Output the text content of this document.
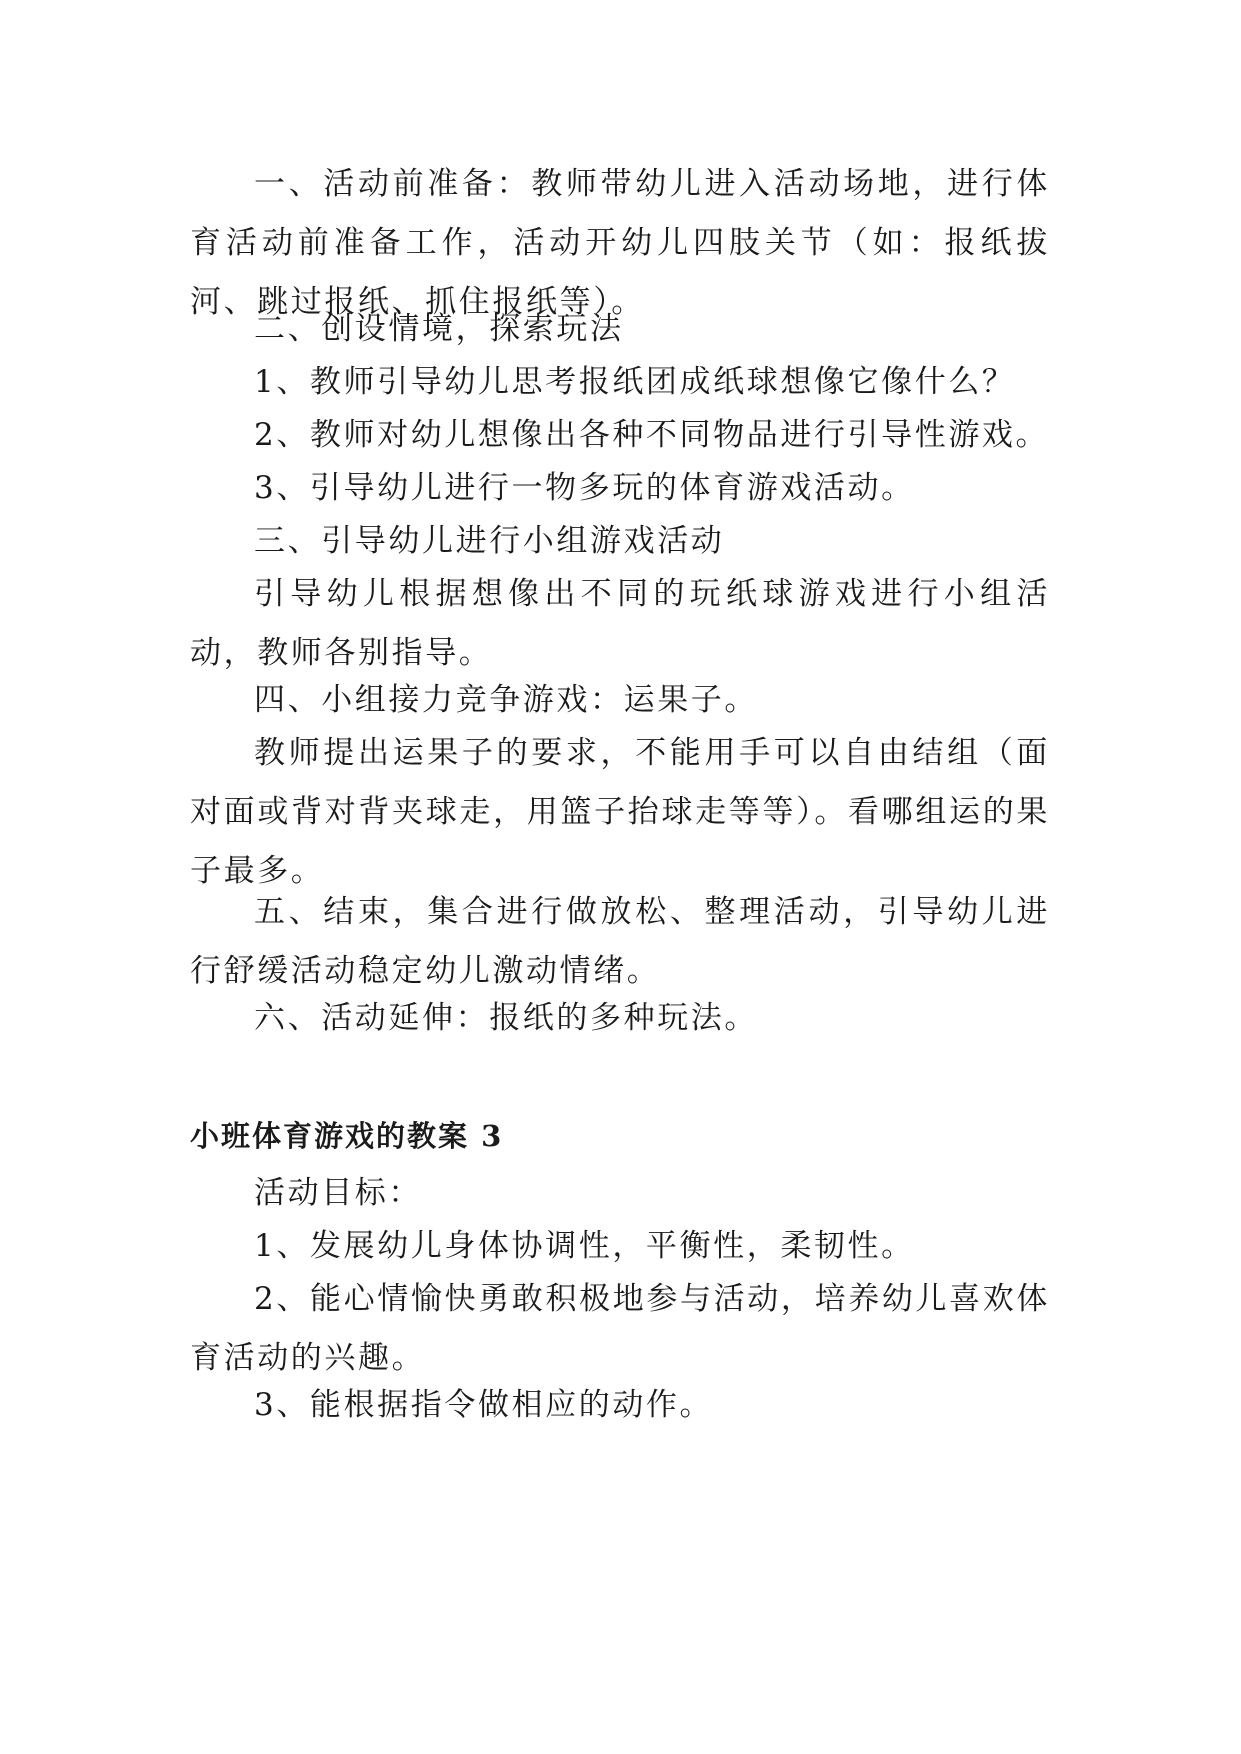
一、活动前准备：教师带幼儿进入活动场地，进行体育活动前准备工作，活动开幼儿四肢关节（如：报纸拔河、跳过报纸、抓住报纸等）。

二、创设情境，探索玩法

1、教师引导幼儿思考报纸团成纸球想像它像什么？

2、教师对幼儿想像出各种不同物品进行引导性游戏。

3、引导幼儿进行一物多玩的体育游戏活动。

三、引导幼儿进行小组游戏活动

引导幼儿根据想像出不同的玩纸球游戏进行小组活动，教师各别指导。

四、小组接力竞争游戏：运果子。

教师提出运果子的要求，不能用手可以自由结组（面对面或背对背夹球走，用篮子抬球走等等）。看哪组运的果子最多。

五、结束，集合进行做放松、整理活动，引导幼儿进行舒缓活动稳定幼儿激动情绪。

六、活动延伸：报纸的多种玩法。

小班体育游戏的教案 3

活动目标：

1、发展幼儿身体协调性，平衡性，柔韧性。

2、能心情愉快勇敢积极地参与活动，培养幼儿喜欢体育活动的兴趣。

3、能根据指令做相应的动作。
